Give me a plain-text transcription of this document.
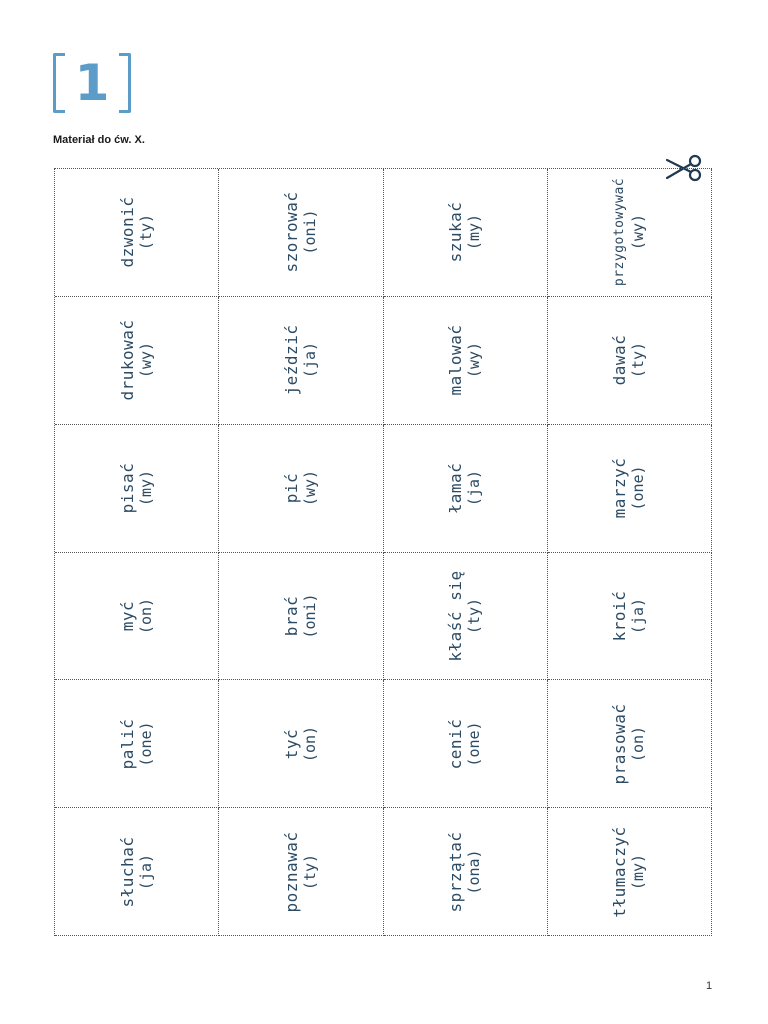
1
Materiał do ćw. X.
dzwonić (ty)	szorować (oni)	szukać (my)	przygotowywać (wy)
drukować (wy)	jeździć (ja)	malować (wy)	dawać (ty)
pisać (my)	pić (wy)	łamać (ja)	marzyć (one)
myć (on)	brać (oni)	kłaść się (ty)	kroić (ja)
palić (one)	tyć (on)	cenić (one)	prasować (on)
słuchać (ja)	poznawać (ty)	sprzątać (ona)	tłumaczyć (my)
1
